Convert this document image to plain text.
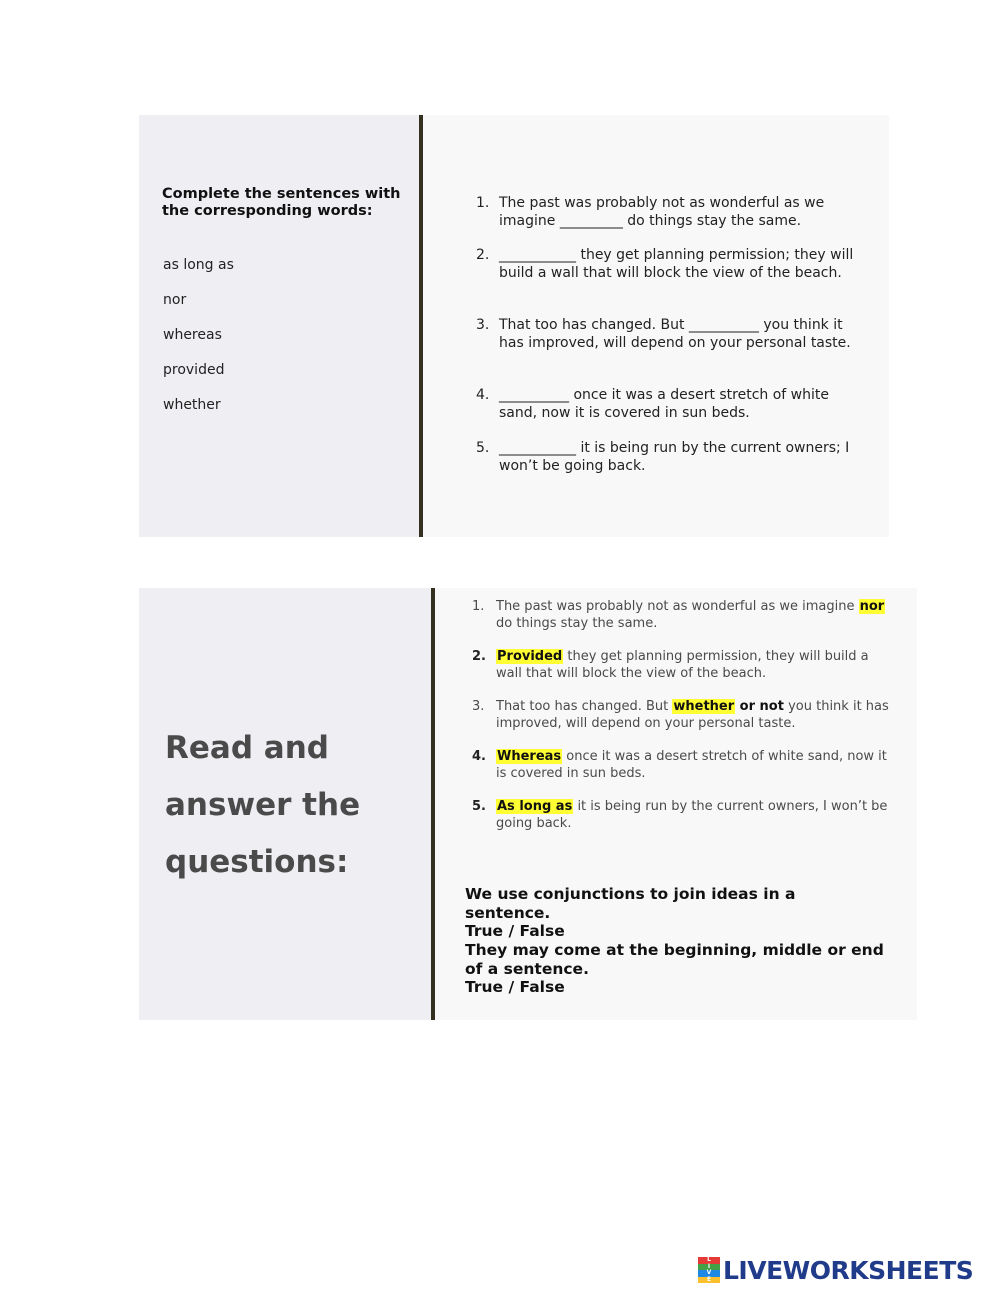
Complete the sentences with the corresponding words:
as long as
nor
whereas
provided
whether
1. The past was probably not as wonderful as we imagine _________ do things stay the same.
2. ___________ they get planning permission; they will build a wall that will block the view of the beach.
3. That too has changed. But __________ you think it has improved, will depend on your personal taste.
4. __________ once it was a desert stretch of white sand, now it is covered in sun beds.
5. ___________ it is being run by the current owners; I won’t be going back.
Read and answer the questions:
1. The past was probably not as wonderful as we imagine nor do things stay the same.
2. Provided they get planning permission, they will build a wall that will block the view of the beach.
3. That too has changed. But whether or not you think it has improved, will depend on your personal taste.
4. Whereas once it was a desert stretch of white sand, now it is covered in sun beds.
5. As long as it is being run by the current owners, I won’t be going back.
We use conjunctions to join ideas in a sentence.
True / False
They may come at the beginning, middle or end of a sentence.
True / False
L
I
V
E LIVEWORKSHEETS
